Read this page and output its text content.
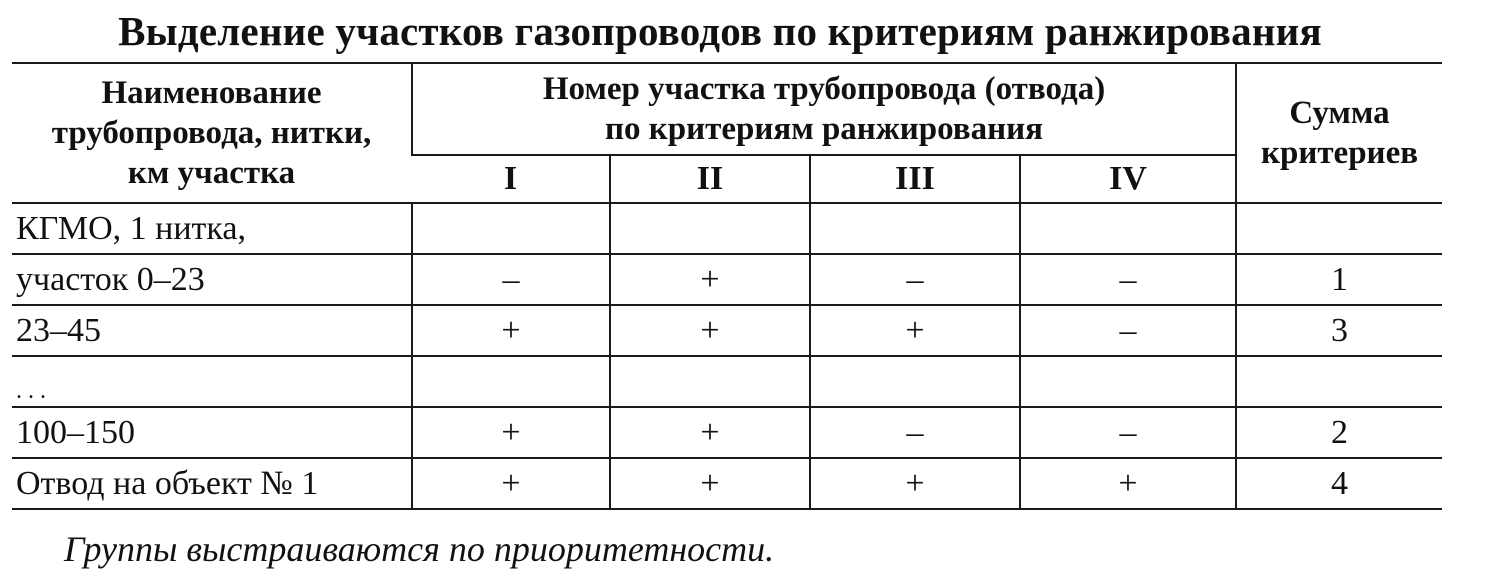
Выделение участков газопроводов по критериям ранжирования
Наименование
трубопровода, нитки,
км участка	Номер участка трубопровода (отвода)
по критериям ранжирования				Сумма
критериев

	I	II	III	IV	
КГМО, 1 нитка,					
участок 0–23	–	+	–	–	1
23–45	+	+	+	–	3
...					
100–150	+	+	–	–	2
Отвод на объект № 1	+	+	+	+	4
Группы выстраиваются по приоритетности.
